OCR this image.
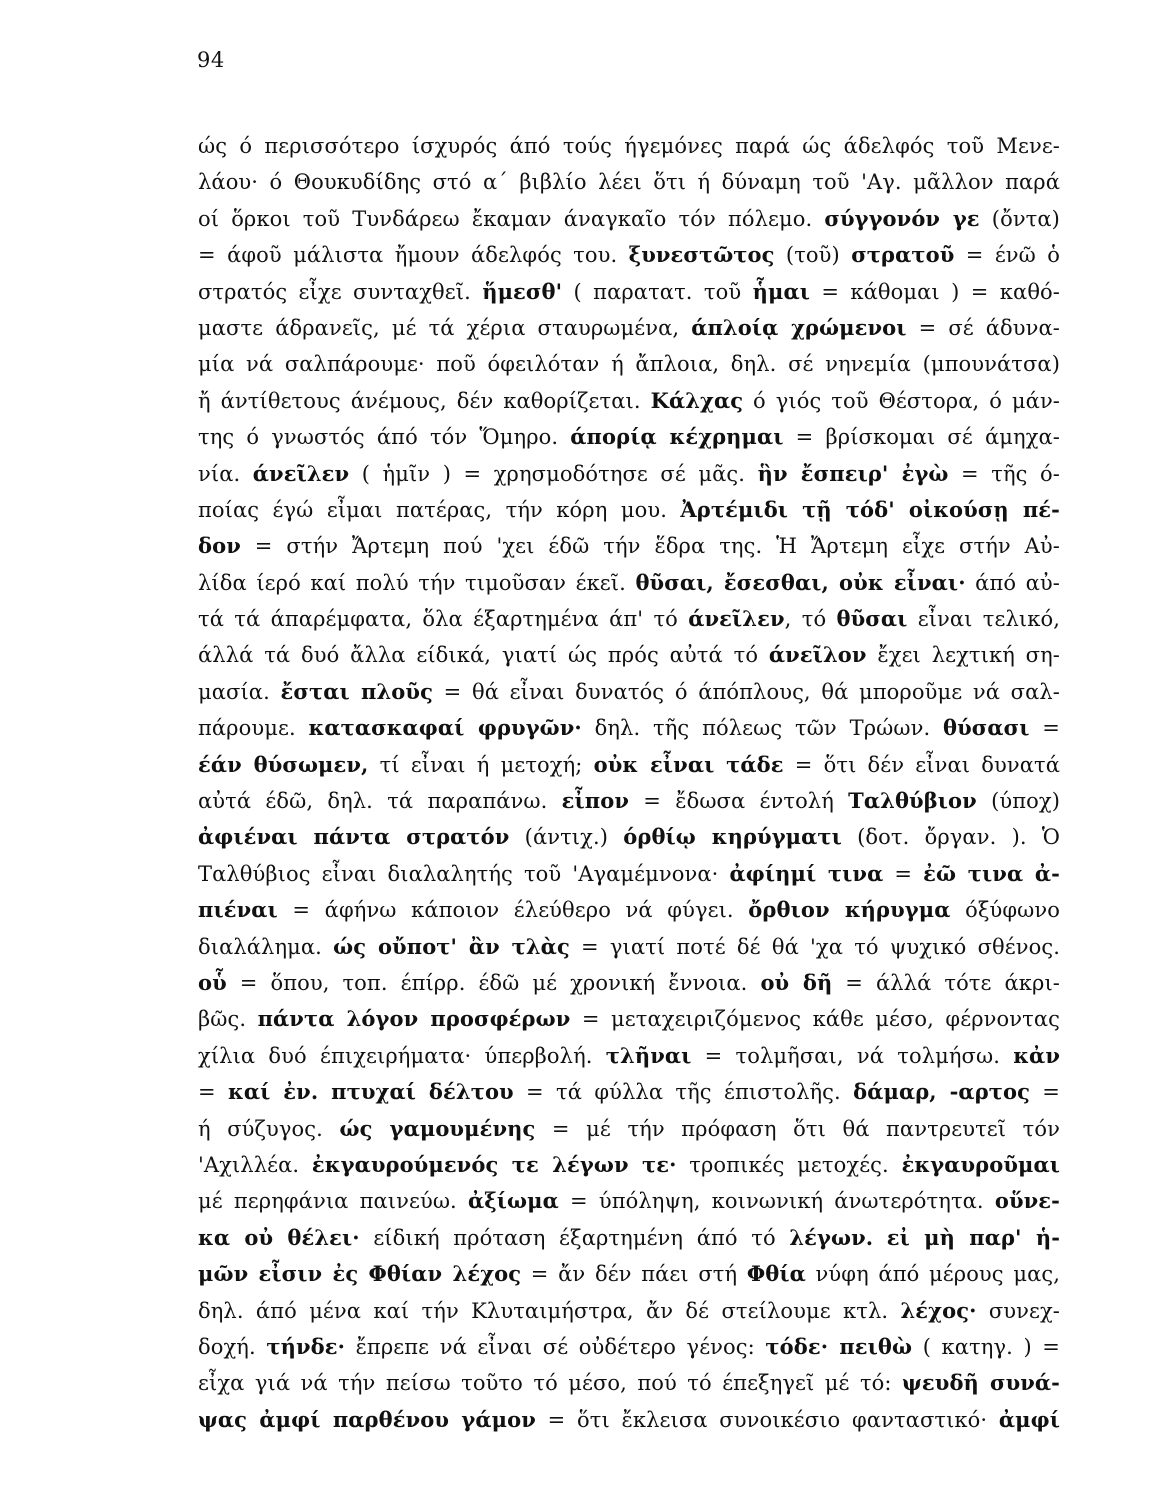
94
ώς ό περισσότερο ίσχυρός άπό τούς ήγεμόνες παρά ώς άδελφός τοῦ Μενε-
λάου· ό Θουκυδίδης στό α΄ βιβλίο λέει ὅτι ή δύναμη τοῦ 'Αγ. μᾶλλον παρά
οί ὅρκοι τοῦ Τυνδάρεω ἔκαμαν άναγκαῖο τόν πόλεμο. σύγγονόν γε (ὄντα)
= άφοῦ μάλιστα ἤμουν άδελφός του. ξυνεστῶτος (τοῦ) στρατοῦ = ένῶ ὁ
στρατός εἶχε συνταχθεῖ. ἥμεσθ' ( παρατατ. τοῦ ἧμαι = κάθομαι ) = καθό-
μαστε άδρανεῖς, μέ τά χέρια σταυρωμένα, άπλοίᾳ χρώμενοι = σέ άδυνα-
μία νά σαλπάρουμε· ποῦ όφειλόταν ή ἄπλοια, δηλ. σέ νηνεμία (μπουνάτσα)
ἤ άντίθετους άνέμους, δέν καθορίζεται. Κάλχας ό γιός τοῦ Θέστορα, ό μάν-
της ό γνωστός άπό τόν Ὅμηρο. άπορίᾳ κέχρημαι = βρίσκομαι σέ άμηχα-
νία. άνεῖλεν ( ἡμῖν ) = χρησμοδότησε σέ μᾶς. ἣν ἔσπειρ' ἐγὼ = τῆς ό-
ποίας έγώ εἶμαι πατέρας, τήν κόρη μου. Ἀρτέμιδι τῇ τόδ' οἰκούσῃ πέ-
δον = στήν Ἄρτεμη πού 'χει έδῶ τήν ἕδρα της. Ἡ Ἄρτεμη εἶχε στήν Αὐ-
λίδα ίερό καί πολύ τήν τιμοῦσαν έκεῖ. θῦσαι, ἔσεσθαι, οὐκ εἶναι· άπό αὐ-
τά τά άπαρέμφατα, ὅλα έξαρτημένα άπ' τό άνεῖλεν, τό θῦσαι εἶναι τελικό,
άλλά τά δυό ἄλλα είδικά, γιατί ώς πρός αὐτά τό άνεῖλον ἔχει λεχτική ση-
μασία. ἔσται πλοῦς = θά εἶναι δυνατός ό άπόπλους, θά μποροῦμε νά σαλ-
πάρουμε. κατασκαφαί φρυγῶν· δηλ. τῆς πόλεως τῶν Τρώων. θύσασι =
έάν θύσωμεν, τί εἶναι ή μετοχή; οὐκ εἶναι τάδε = ὅτι δέν εἶναι δυνατά
αὐτά έδῶ, δηλ. τά παραπάνω. εἶπον = ἔδωσα έντολή Ταλθύβιον (ύποχ)
ἀφιέναι πάντα στρατόν (άντιχ.) όρθίῳ κηρύγματι (δοτ. ὄργαν. ). Ὁ
Ταλθύβιος εἶναι διαλαλητής τοῦ 'Αγαμέμνονα· ἀφίημί τινα = ἐῶ τινα ἀ-
πιέναι = άφήνω κάποιον έλεύθερο νά φύγει. ὄρθιον κήρυγμα όξύφωνο
διαλάλημα. ώς οὔποτ' ἂν τλὰς = γιατί ποτέ δέ θά 'χα τό ψυχικό σθένος.
οὗ = ὅπου, τοπ. έπίρρ. έδῶ μέ χρονική ἔννοια. οὐ δῆ = άλλά τότε άκρι-
βῶς. πάντα λόγον προσφέρων = μεταχειριζόμενος κάθε μέσο, φέρνοντας
χίλια δυό έπιχειρήματα· ύπερβολή. τλῆναι = τολμῆσαι, νά τολμήσω. κἀν
= καί ἐν. πτυχαί δέλτου = τά φύλλα τῆς έπιστολῆς. δάμαρ, -αρτος =
ή σύζυγος. ώς γαμουμένης = μέ τήν πρόφαση ὅτι θά παντρευτεῖ τόν
'Αχιλλέα. ἐκγαυρούμενός τε λέγων τε· τροπικές μετοχές. ἐκγαυροῦμαι
μέ περηφάνια παινεύω. ἀξίωμα = ύπόληψη, κοινωνική άνωτερότητα. οὕνε-
κα οὐ θέλει· είδική πρόταση έξαρτημένη άπό τό λέγων. εἰ μὴ παρ' ἡ-
μῶν εἶσιν ἐς Φθίαν λέχος = ἄν δέν πάει στή Φθία νύφη άπό μέρους μας,
δηλ. άπό μένα καί τήν Κλυταιμήστρα, ἄν δέ στείλουμε κτλ. λέχος· συνεχ-
δοχή. τήνδε· ἔπρεπε νά εἶναι σέ οὐδέτερο γένος: τόδε· πειθὼ ( κατηγ. ) =
εἶχα γιά νά τήν πείσω τοῦτο τό μέσο, πού τό έπεξηγεῖ μέ τό: ψευδῆ συνά-
ψας ἀμφί παρθένου γάμον = ὅτι ἔκλεισα συνοικέσιο φανταστικό· ἀμφί
